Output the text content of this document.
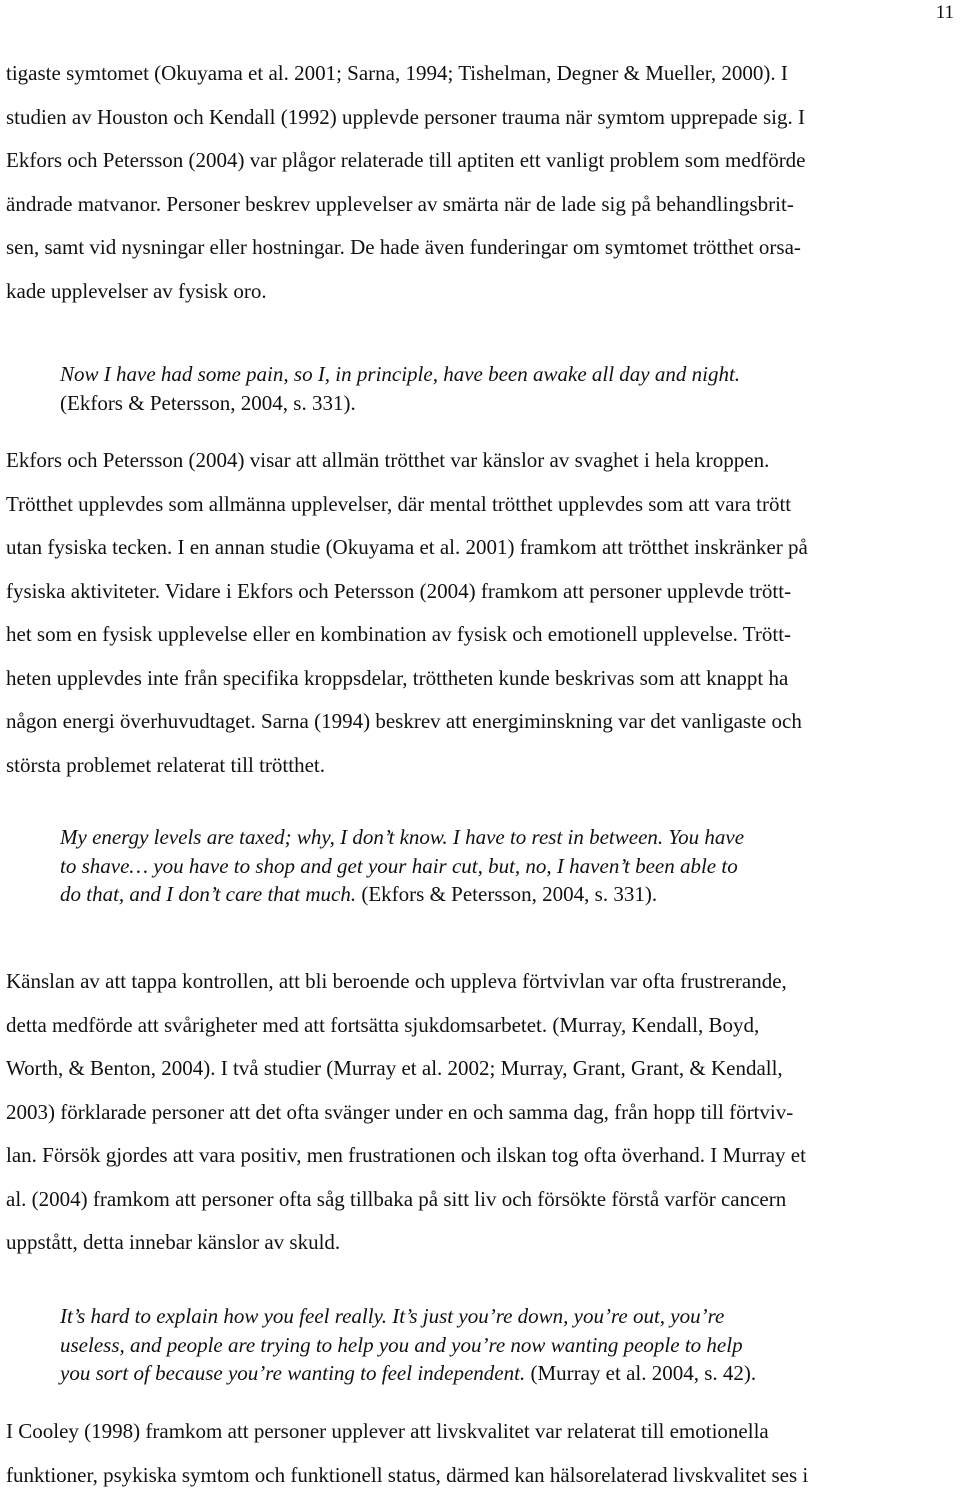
11
tigaste symtomet (Okuyama et al. 2001; Sarna, 1994; Tishelman, Degner & Mueller, 2000). I
studien av Houston och Kendall (1992) upplevde personer trauma när symtom upprepade sig. I
Ekfors och Petersson (2004) var plågor relaterade till aptiten ett vanligt problem som medförde
ändrade matvanor. Personer beskrev upplevelser av smärta när de lade sig på behandlingsbrit-
sen, samt vid nysningar eller hostningar. De hade även funderingar om symtomet trötthet orsa-
kade upplevelser av fysisk oro.
Now I have had some pain, so I, in principle, have been awake all day and night.
(Ekfors & Petersson, 2004, s. 331).
Ekfors och Petersson (2004) visar att allmän trötthet var känslor av svaghet i hela kroppen.
Trötthet upplevdes som allmänna upplevelser, där mental trötthet upplevdes som att vara trött
utan fysiska tecken. I en annan studie (Okuyama et al. 2001) framkom att trötthet inskränker på
fysiska aktiviteter. Vidare i Ekfors och Petersson (2004) framkom att personer upplevde trött-
het som en fysisk upplevelse eller en kombination av fysisk och emotionell upplevelse. Trött-
heten upplevdes inte från specifika kroppsdelar, tröttheten kunde beskrivas som att knappt ha
någon energi överhuvudtaget. Sarna (1994) beskrev att energiminskning var det vanligaste och
största problemet relaterat till trötthet.
My energy levels are taxed; why, I don’t know. I have to rest in between. You have
to shave… you have to shop and get your hair cut, but, no, I haven’t been able to
do that, and I don’t care that much. (Ekfors & Petersson, 2004, s. 331).
Känslan av att tappa kontrollen, att bli beroende och uppleva förtvivlan var ofta frustrerande,
detta medförde att svårigheter med att fortsätta sjukdomsarbetet. (Murray, Kendall, Boyd,
Worth, & Benton, 2004). I två studier (Murray et al. 2002; Murray, Grant, Grant, & Kendall,
2003) förklarade personer att det ofta svänger under en och samma dag, från hopp till förtviv-
lan. Försök gjordes att vara positiv, men frustrationen och ilskan tog ofta överhand. I Murray et
al. (2004) framkom att personer ofta såg tillbaka på sitt liv och försökte förstå varför cancern
uppstått, detta innebar känslor av skuld.
It’s hard to explain how you feel really. It’s just you’re down, you’re out, you’re
useless, and people are trying to help you and you’re now wanting people to help
you sort of because you’re wanting to feel independent. (Murray et al. 2004, s. 42).
I Cooley (1998) framkom att personer upplever att livskvalitet var relaterat till emotionella
funktioner, psykiska symtom och funktionell status, därmed kan hälsorelaterad livskvalitet ses i
